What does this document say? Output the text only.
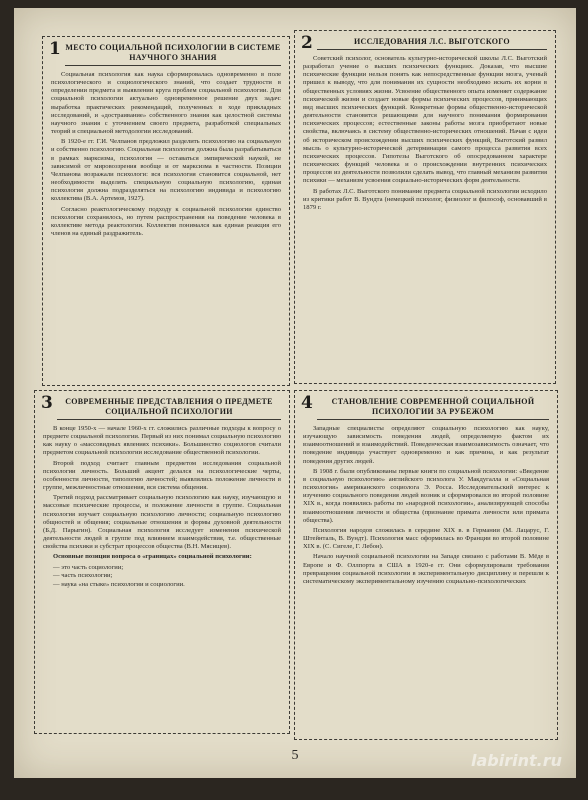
1 МЕСТО СОЦИАЛЬНОЙ ПСИХОЛОГИИ В СИСТЕМЕ НАУЧНОГО ЗНАНИЯ

Социальная психология как наука сформировалась одновременно в поле психологического и социологического знаний, что создает трудности в определении предмета и выявлении круга проблем социальной психологии. Для социальной психологии актуально одновременное решение двух задач: выработка практических рекомендаций, полученных в ходе прикладных исследований, и «достраивание» собственного знания как целостной системы научного знания с уточнением своего предмета, разработкой специальных теорий и специальной методологии исследований.

В 1920-е гг. Г.И. Челпанов предложил разделить психологию на социальную и собственно психологию. Социальная психология должна была разрабатываться в рамках марксизма, психология — оставаться эмпирической наукой, не зависимой от мировоззрения вообще и от марксизма в частности. Позиции Челпанова возражали психологи: вся психология становится социальной, нет необходимости выделять специальную социальную психологию, единая психология должна подразделяться на психологию индивида и психологию коллектива (В.А. Артемов, 1927).

Согласно реактологическому подходу к социальной психологии единство психологии сохранялось, но путем распространения на поведение человека в коллективе метода реактологии. Коллектив понимался как единая реакция его членов на единый раздражитель.

2	ИССЛЕДОВАНИЯ Л.С. ВЫГОТСКОГО

Советский психолог, основатель культурно-исторической школы Л.С. Выготский разработал учение о высших психических функциях. Доказав, что высшие психические функции нельзя понять как непосредственные функции мозга, ученый пришел к выводу, что для понимания их сущности необходимо искать их корни в общественных условиях жизни. Усвоение общественного опыта изменяет содержание психической жизни и создает новые формы психических процессов, принимающих вид высших психических функций. Конкретные формы общественно-исторической деятельности становятся решающими для научного понимания формирования психических процессов; естественные законы работы мозга приобретают новые свойства, включаясь в систему общественно-исторических отношений. Начав с идеи об историческом происхождении высших психических функций, Выготский развил мысль о культурно-исторической детерминации самого процесса развития всех психических процессов. Гипотезы Выготского об опосредованном характере психических функций человека и о происхождении внутренних психических процессов из деятельности позволили сделать вывод, что главный механизм развития психики — механизм усвоения социально-исторических форм деятельности.

В работах Л.С. Выготского понимание предмета социальной психологии исходило из критики работ В. Вундта (немецкий психолог, физиолог и философ, основавший в 1879 г.

3	СОВРЕМЕННЫЕ ПРЕДСТАВЛЕНИЯ О ПРЕДМЕТЕ СОЦИАЛЬНОЙ ПСИХОЛОГИИ

В конце 1950-х — начале 1960-х гг. сложились различные подходы к вопросу о предмете социальной психологии. Первый из них понимал социальную психологию как науку о «массовидных явлениях психики». Большинство социологов считали предметом социальной психологии исследование общественной психологии.

Второй подход считает главным предметом исследования социальной психологии личность. Больший акцент делался на психологические черты, особенности личности, типологию личностей; выявлялись положение личности в группе, межличностные отношения, вся система общения.

Третий подход рассматривает социальную психологию как науку, изучающую и массовые психические процессы, и положение личности в группе. Социальная психология изучает социальную психологию личности; социальную психологию общностей и общения; социальные отношения и формы духовной деятельности (Б.Д. Парыгин). Социальная психология исследует изменения психической деятельности людей в группе под влиянием взаимодействия, т.е. общественные свойства психики и субстрат процессов общества (В.Н. Мясищев).

Основные позиции вопроса о «границах» социальной психологии:

— это часть социологии;
— часть психологии;
— наука «на стыке» психологии и социологии.
4	СТАНОВЛЕНИЕ СОВРЕМЕННОЙ СОЦИАЛЬНОЙ ПСИХОЛОГИИ ЗА РУБЕЖОМ

Западные специалисты определяют социальную психологию как науку, изучающую зависимость поведения людей, определяемую фактом их взаимоотношений и взаимодействий. Поведенческая взаимозависимость означает, что поведение индивида участвует одновременно и как причина, и как результат поведения других людей.

В 1908 г. были опубликованы первые книги по социальной психологии: «Введение в социальную психологию» английского психолога У. Макдугалла и «Социальная психология» американского социолога Э. Росса. Исследовательский интерес к изучению социального поведения людей возник и сформировался во второй половине XIX в., когда появились работы по «народной психологии», анализирующей способы взаимоотношения личности и общества (признание примата личности или примата общества).

Психология народов сложилась в середине XIX в. в Германии (М. Лацарус, Г. Штейнталь, В. Вундт). Психология масс оформилась во Франции во второй половине XIX в. (С. Сигеле, Г. Лебон).

Начало научной социальной психологии на Западе связано с работами В. Мёде в Европе и Ф. Оллпорта в США в 1920-е гг. Они сформулировали требования превращения социальной психологии в экспериментальную дисциплину и перешли к систематическому экспериментальному изучению социально-психологических

5	labirint.ru
